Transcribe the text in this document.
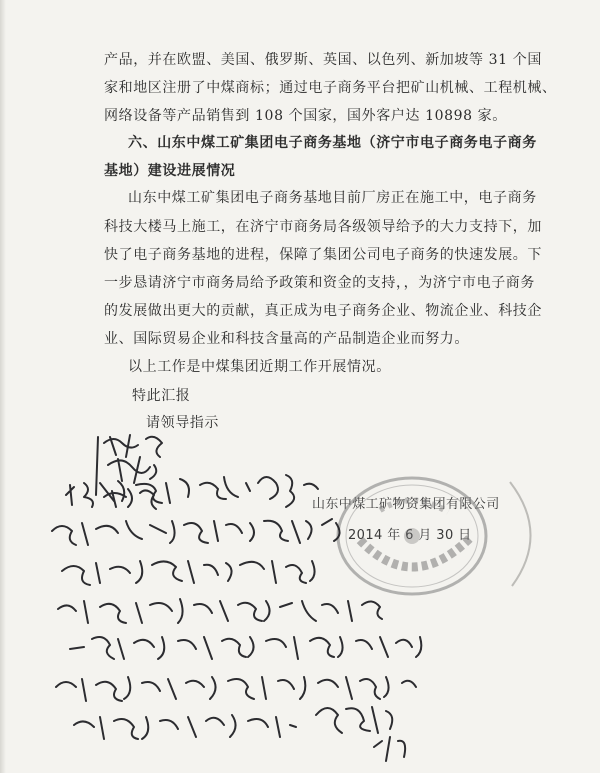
产品，并在欧盟、美国、俄罗斯、英国、以色列、新加坡等 31 个国
家和地区注册了中煤商标；通过电子商务平台把矿山机械、工程机械、
网络设备等产品销售到 108 个国家，国外客户达 10898 家。
六、山东中煤工矿集团电子商务基地（济宁市电子商务电子商务
基地）建设进展情况
山东中煤工矿集团电子商务基地目前厂房正在施工中，电子商务
科技大楼马上施工，在济宁市商务局各级领导给予的大力支持下，加
快了电子商务基地的进程，保障了集团公司电子商务的快速发展。下
一步恳请济宁市商务局给予政策和资金的支持，，为济宁市电子商务
的发展做出更大的贡献，真正成为电子商务企业、物流企业、科技企
业、国际贸易企业和科技含量高的产品制造企业而努力。
以上工作是中煤集团近期工作开展情况。
特此汇报
请领导指示
山东中煤工矿物资集团有限公司
2014 年 6 月 30 日
